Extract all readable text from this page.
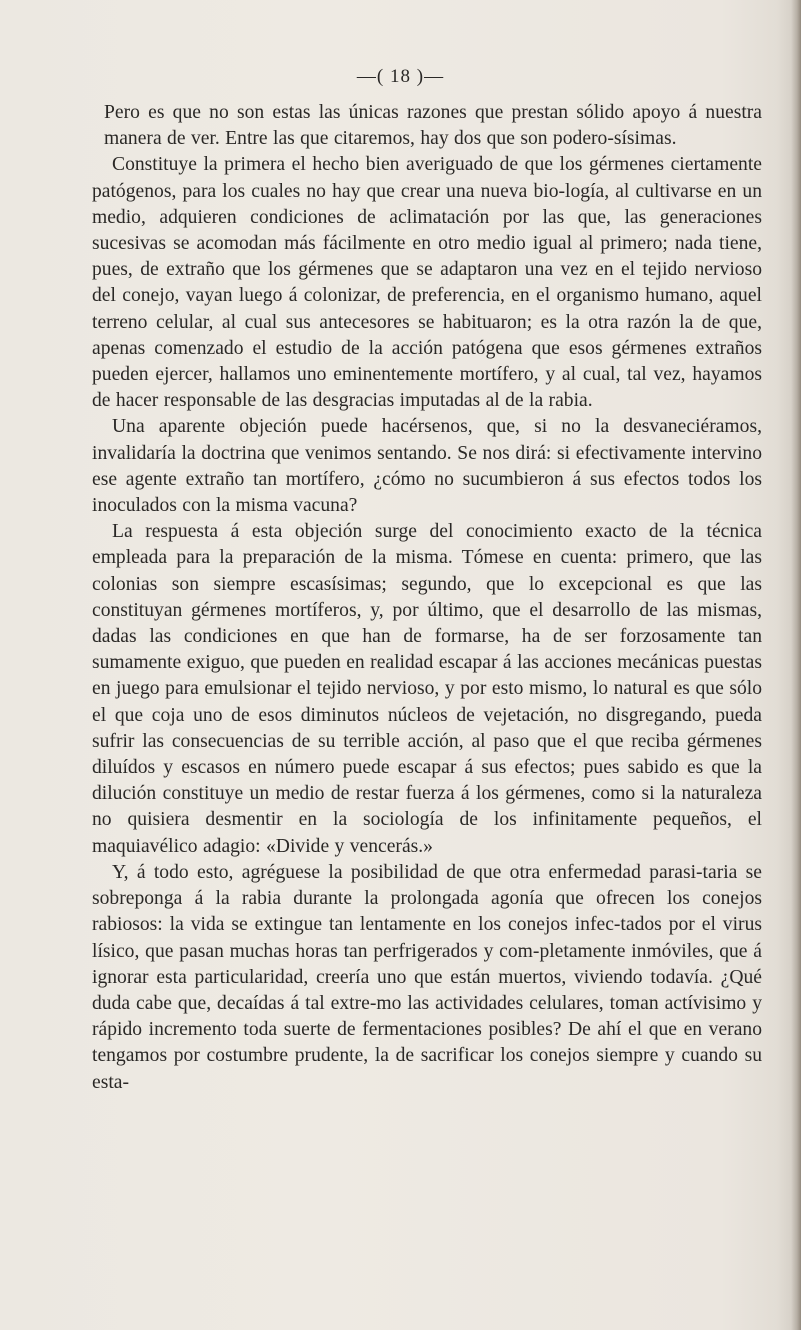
—( 18 )—

Pero es que no son estas las únicas razones que prestan sólido apoyo á nuestra manera de ver. Entre las que citaremos, hay dos que son podero-sísimas.

Constituye la primera el hecho bien averiguado de que los gérmenes ciertamente patógenos, para los cuales no hay que crear una nueva bio-logía, al cultivarse en un medio, adquieren condiciones de aclimatación por las que, las generaciones sucesivas se acomodan más fácilmente en otro medio igual al primero; nada tiene, pues, de extraño que los gérmenes que se adaptaron una vez en el tejido nervioso del conejo, vayan luego á colonizar, de preferencia, en el organismo humano, aquel terreno celular, al cual sus antecesores se habituaron; es la otra razón la de que, apenas comenzado el estudio de la acción patógena que esos gérmenes extraños pueden ejercer, hallamos uno eminentemente mortífero, y al cual, tal vez, hayamos de hacer responsable de las desgracias imputadas al de la rabia.

Una aparente objeción puede hacérsenos, que, si no la desvaneciéramos, invalidaría la doctrina que venimos sentando. Se nos dirá: si efectivamente intervino ese agente extraño tan mortífero, ¿cómo no sucumbieron á sus efectos todos los inoculados con la misma vacuna?

La respuesta á esta objeción surge del conocimiento exacto de la técnica empleada para la preparación de la misma. Tómese en cuenta: primero, que las colonias son siempre escasísimas; segundo, que lo excepcional es que las constituyan gérmenes mortíferos, y, por último, que el desarrollo de las mismas, dadas las condiciones en que han de formarse, ha de ser forzosamente tan sumamente exiguo, que pueden en realidad escapar á las acciones mecánicas puestas en juego para emulsionar el tejido nervioso, y por esto mismo, lo natural es que sólo el que coja uno de esos diminutos núcleos de vejetación, no disgregando, pueda sufrir las consecuencias de su terrible acción, al paso que el que reciba gérmenes diluídos y escasos en número puede escapar á sus efectos; pues sabido es que la dilución constituye un medio de restar fuerza á los gérmenes, como si la naturaleza no quisiera desmentir en la sociología de los infinitamente pequeños, el maquiavélico adagio: «Divide y vencerás.»

Y, á todo esto, agréguese la posibilidad de que otra enfermedad parasi-taria se sobreponga á la rabia durante la prolongada agonía que ofrecen los conejos rabiosos: la vida se extingue tan lentamente en los conejos infec-tados por el virus lísico, que pasan muchas horas tan perfrigerados y com-pletamente inmóviles, que á ignorar esta particularidad, creería uno que están muertos, viviendo todavía. ¿Qué duda cabe que, decaídas á tal extre-mo las actividades celulares, toman actívisimo y rápido incremento toda suerte de fermentaciones posibles? De ahí el que en verano tengamos por costumbre prudente, la de sacrificar los conejos siempre y cuando su esta-
